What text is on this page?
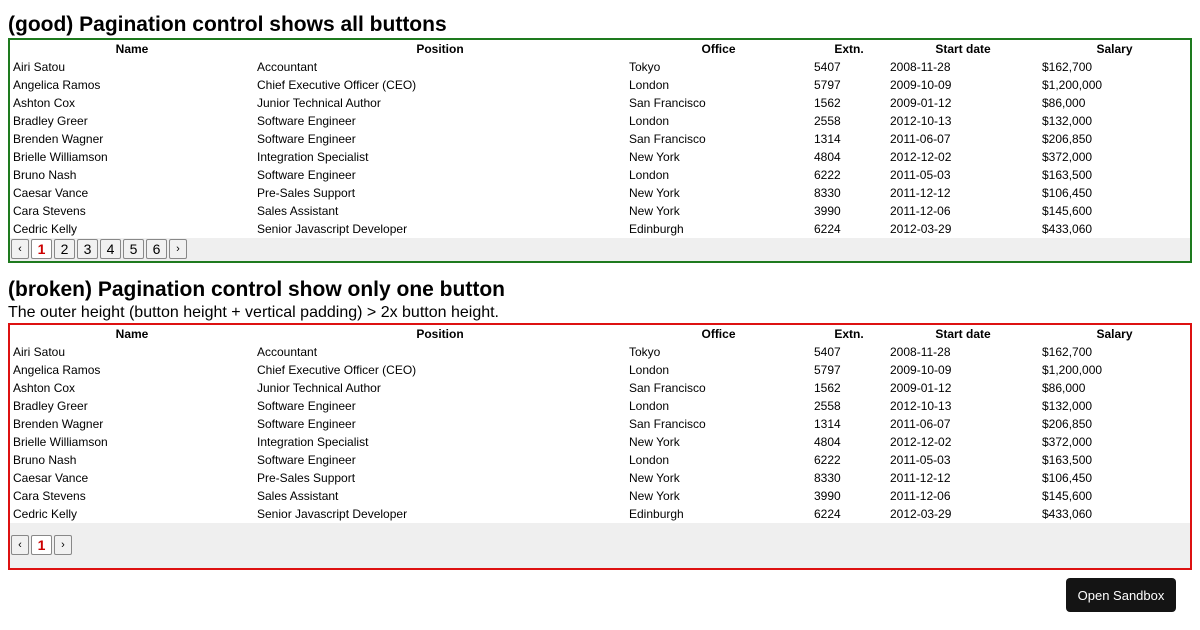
(good) Pagination control shows all buttons
Name	Position	Office	Extn.	Start date	Salary
Airi Satou	Accountant	Tokyo	5407	2008-11-28	$162,700
Angelica Ramos	Chief Executive Officer (CEO)	London	5797	2009-10-09	$1,200,000
Ashton Cox	Junior Technical Author	San Francisco	1562	2009-01-12	$86,000
Bradley Greer	Software Engineer	London	2558	2012-10-13	$132,000
Brenden Wagner	Software Engineer	San Francisco	1314	2011-06-07	$206,850
Brielle Williamson	Integration Specialist	New York	4804	2012-12-02	$372,000
Bruno Nash	Software Engineer	London	6222	2011-05-03	$163,500
Caesar Vance	Pre-Sales Support	New York	8330	2011-12-12	$106,450
Cara Stevens	Sales Assistant	New York	3990	2011-12-06	$145,600
Cedric Kelly	Senior Javascript Developer	Edinburgh	6224	2012-03-29	$433,060
‹	1	2	3	4	5	6	›
(broken) Pagination control show only one button

The outer height (button height + vertical padding) > 2x button height.

Name	Position	Office	Extn.	Start date	Salary
Airi Satou	Accountant	Tokyo	5407	2008-11-28	$162,700
Angelica Ramos	Chief Executive Officer (CEO)	London	5797	2009-10-09	$1,200,000
Ashton Cox	Junior Technical Author	San Francisco	1562	2009-01-12	$86,000
Bradley Greer	Software Engineer	London	2558	2012-10-13	$132,000
Brenden Wagner	Software Engineer	San Francisco	1314	2011-06-07	$206,850
Brielle Williamson	Integration Specialist	New York	4804	2012-12-02	$372,000
Bruno Nash	Software Engineer	London	6222	2011-05-03	$163,500
Caesar Vance	Pre-Sales Support	New York	8330	2011-12-12	$106,450
Cara Stevens	Sales Assistant	New York	3990	2011-12-06	$145,600
Cedric Kelly	Senior Javascript Developer	Edinburgh	6224	2012-03-29	$433,060
‹	1	›
Open Sandbox
